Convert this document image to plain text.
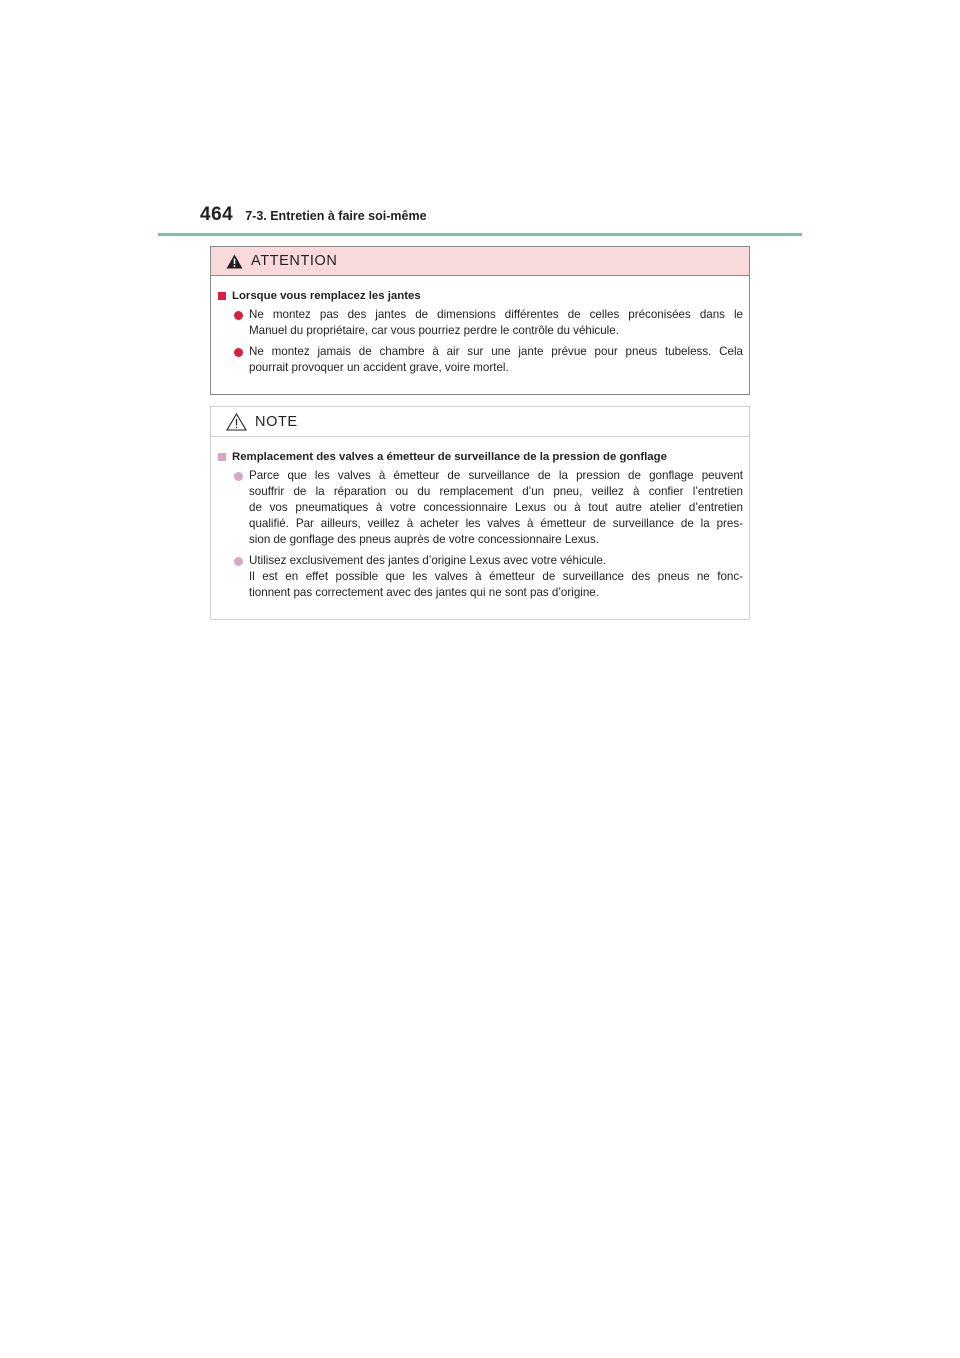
464 7-3. Entretien à faire soi-même
ATTENTION
Lorsque vous remplacez les jantes
Ne montez pas des jantes de dimensions différentes de celles préconisées dans le
Manuel du propriétaire, car vous pourriez perdre le contrôle du véhicule.
Ne montez jamais de chambre à air sur une jante prévue pour pneus tubeless. Cela
pourrait provoquer un accident grave, voire mortel.
NOTE
Remplacement des valves a émetteur de surveillance de la pression de gonflage
Parce que les valves à émetteur de surveillance de la pression de gonflage peuvent
souffrir de la réparation ou du remplacement d’un pneu, veillez à confier l’entretien
de vos pneumatiques à votre concessionnaire Lexus ou à tout autre atelier d’entretien
qualifié. Par ailleurs, veillez à acheter les valves à émetteur de surveillance de la pres-
sion de gonflage des pneus auprès de votre concessionnaire Lexus.
Utilisez exclusivement des jantes d’origine Lexus avec votre véhicule.
Il est en effet possible que les valves à émetteur de surveillance des pneus ne fonc-
tionnent pas correctement avec des jantes qui ne sont pas d’origine.
